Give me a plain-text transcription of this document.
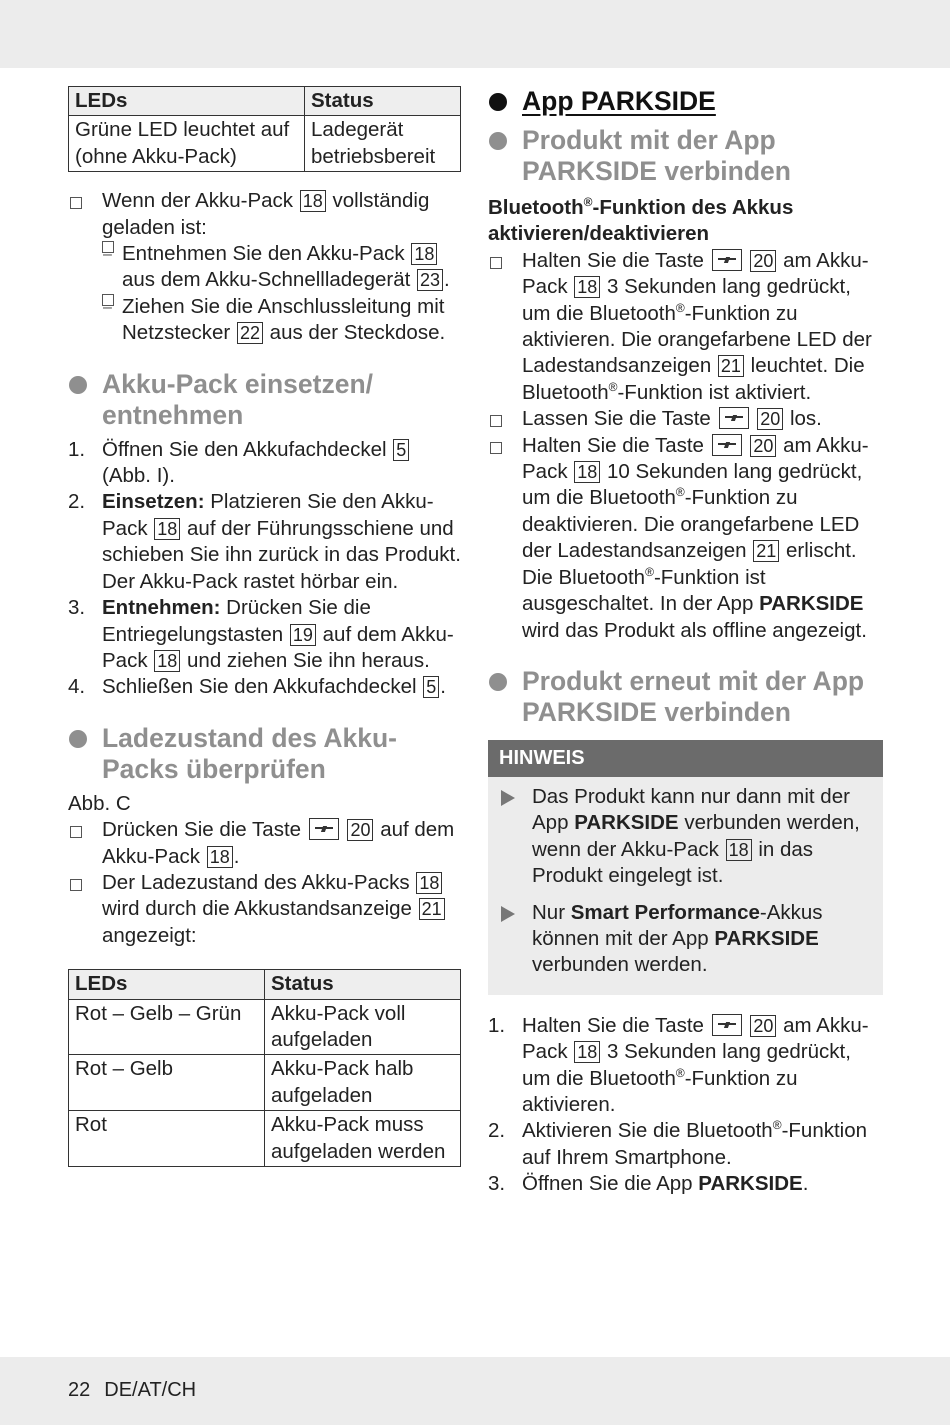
LEDs	Status
Grüne LED leuchtet auf (ohne Akku-Pack)	Ladegerät betriebsbereit
Wenn der Akku-Pack 18 vollständig geladen ist:
– Entnehmen Sie den Akku-Pack 18 aus dem Akku-Schnellladegerät 23 .
– Ziehen Sie die Anschlussleitung mit Netzstecker 22 aus der Steckdose.
Akku-Pack einsetzen/ entnehmen
1. Öffnen Sie den Akkufachdeckel 5 (Abb. I).
2. Einsetzen: Platzieren Sie den Akku-Pack 18 auf der Führungsschiene und schieben Sie ihn zurück in das Produkt. Der Akku-Pack rastet hörbar ein.
3. Entnehmen: Drücken Sie die Entriegelungstasten 19 auf dem Akku-Pack 18 und ziehen Sie ihn heraus.
4. Schließen Sie den Akkufachdeckel 5 .
Ladezustand des Akku-Packs überprüfen
Abb. C
Drücken Sie die Taste	20 auf dem Akku-Pack 18 .
Der Ladezustand des Akku-Packs 18 wird durch die Akkustandsanzeige 21 angezeigt:
LEDs	Status
Rot – Gelb – Grün	Akku-Pack voll aufgeladen
Rot – Gelb	Akku-Pack halb aufgeladen
Rot	Akku-Pack muss aufgeladen werden
App PARKSIDE
Produkt mit der App PARKSIDE verbinden
Bluetooth®-Funktion des Akkus aktivieren/deaktivieren
Halten Sie die Taste	20 am Akku-Pack 18 3 Sekunden lang gedrückt, um die Bluetooth®-Funktion zu aktivieren. Die orangefarbene LED der Ladestandsanzeigen 21 leuchtet. Die Bluetooth®-Funktion ist aktiviert.
Lassen Sie die Taste	20 los.
Halten Sie die Taste	20 am Akku-Pack 18 10 Sekunden lang gedrückt, um die Bluetooth®-Funktion zu deaktivieren. Die orangefarbene LED der Ladestandsanzeigen 21 erlischt. Die Bluetooth®-Funktion ist ausgeschaltet. In der App PARKSIDE wird das Produkt als offline angezeigt.
Produkt erneut mit der App PARKSIDE verbinden
HINWEIS
Das Produkt kann nur dann mit der App PARKSIDE verbunden werden, wenn der Akku-Pack 18 in das Produkt eingelegt ist.
Nur Smart Performance-Akkus können mit der App PARKSIDE verbunden werden.
1. Halten Sie die Taste	20 am Akku-Pack 18 3 Sekunden lang gedrückt, um die Bluetooth®-Funktion zu aktivieren.
2. Aktivieren Sie die Bluetooth®-Funktion auf Ihrem Smartphone.
3. Öffnen Sie die App PARKSIDE.
22 DE/AT/CH
